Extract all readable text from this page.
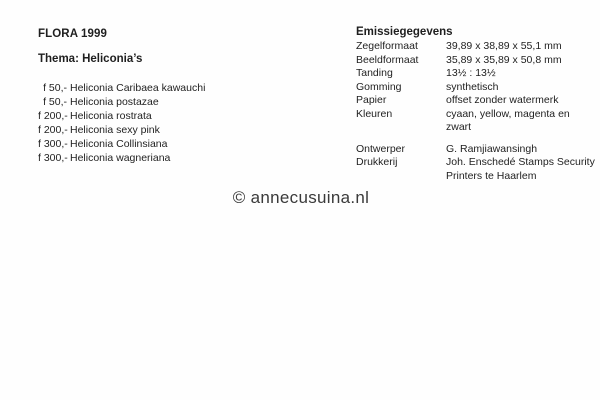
FLORA 1999
Thema: Heliconia’s
f 50,- Heliconia Caribaea kawauchi
f 50,- Heliconia postazae
f 200,- Heliconia rostrata
f 200,- Heliconia sexy pink
f 300,- Heliconia Collinsiana
f 300,- Heliconia wagneriana
Emissiegegevens
Zegelformaat	39,89 x 38,89 x 55,1 mm
Beeldformaat	35,89 x 35,89 x 50,8 mm
Tanding	13½ : 13½
Gomming	synthetisch
Papier	offset zonder watermerk
Kleuren	cyaan, yellow, magenta en zwart
Ontwerper	G. Ramjiawansingh
Drukkerij	Joh. Enschedé Stamps Security Printers te Haarlem
© annecusuina.nl
